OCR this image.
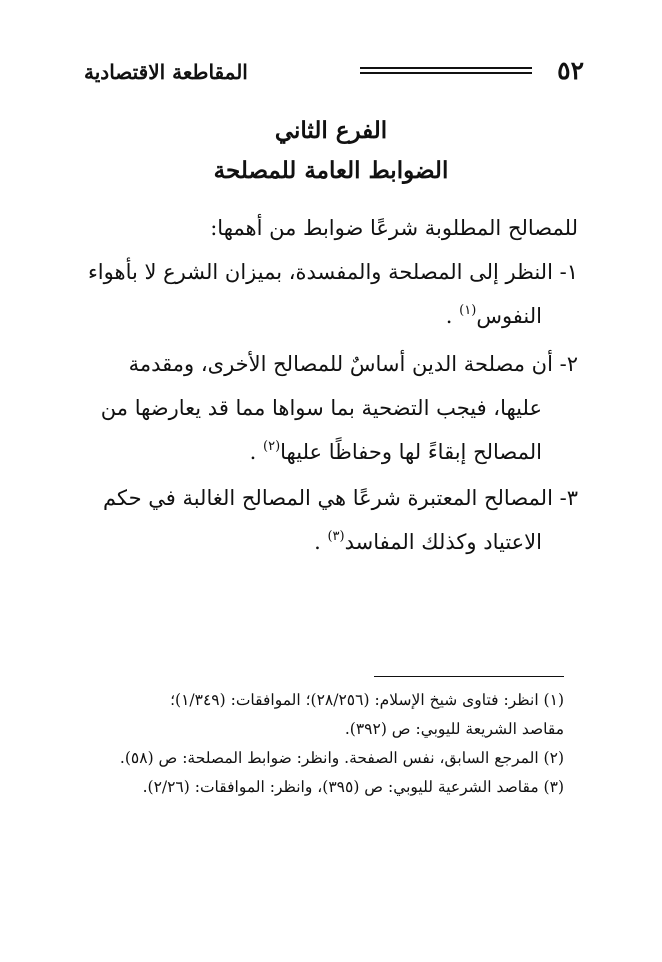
٥٢
المقاطعة الاقتصادية
الفرع الثاني
الضوابط العامة للمصلحة
للمصالح المطلوبة شرعًا ضوابط من أهمها:
١- النظر إلى المصلحة والمفسدة، بميزان الشرع لا بأهواء
النفوس$^{(١)}$ .
٢- أن مصلحة الدين أساسٌ للمصالح الأخرى، ومقدمة
عليها، فيجب التضحية بما سواها مما قد يعارضها من
المصالح إبقاءً لها وحفاظًا عليها$^{(٢)}$ .
٣- المصالح المعتبرة شرعًا هي المصالح الغالبة في حكم
الاعتياد وكذلك المفاسد$^{(٣)}$ .
(١) انظر: فتاوى شيخ الإسلام: (٢٨/٢٥٦)؛ الموافقات: (١/٣٤٩)؛
مقاصد الشريعة لليوبي: ص (٣٩٢).
(٢) المرجع السابق، نفس الصفحة. وانظر: ضوابط المصلحة: ص (٥٨).
(٣) مقاصد الشرعية لليوبي: ص (٣٩٥)، وانظر: الموافقات: (٢/٢٦).
